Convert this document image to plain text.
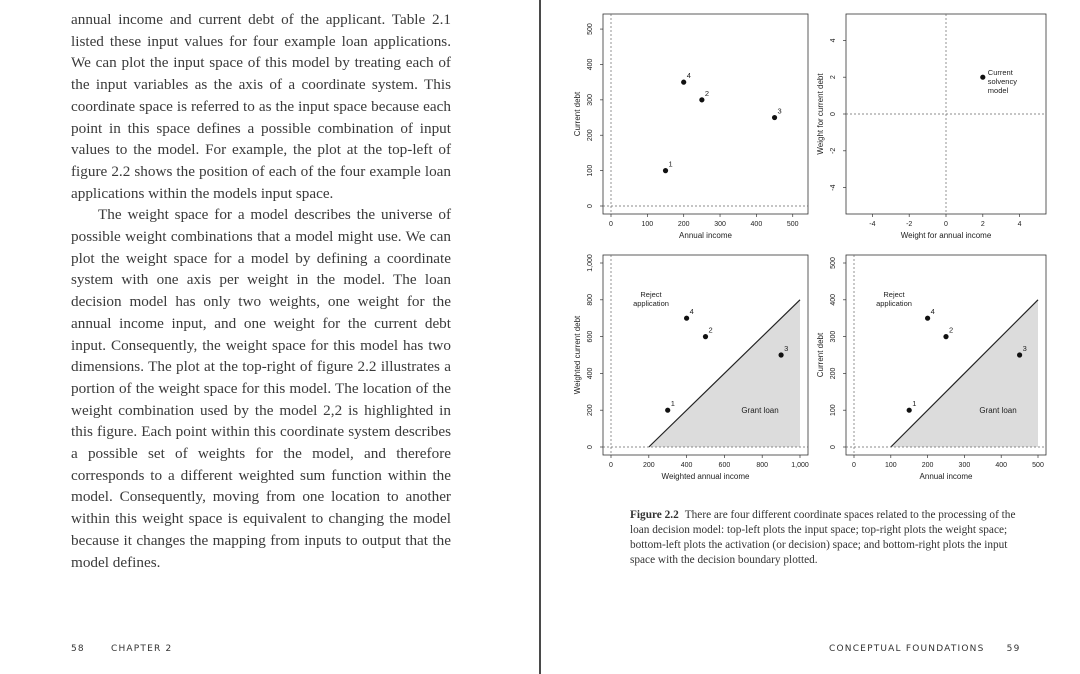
annual income and current debt of the applicant. Table 2.1 listed these input values for four example loan applications. We can plot the input space of this model by treating each of the input variables as the axis of a coordinate system. This coordinate space is referred to as the input space because each point in this space defines a possible combination of input values to the model. For example, the plot at the top-left of figure 2.2 shows the position of each of the four example loan applications within the models input space.

The weight space for a model describes the universe of possible weight combinations that a model might use. We can plot the weight space for a model by defining a coordinate system with one axis per weight in the model. The loan decision model has only two weights, one weight for the annual income input, and one weight for the current debt input. Consequently, the weight space for this model has two dimensions. The plot at the top-right of figure 2.2 illustrates a portion of the weight space for this model. The location of the weight combination used by the model 2,2 is highlighted in this figure. Each point within this coordinate system describes a possible set of weights for the model, and therefore corresponds to a different weighted sum function within the model. Consequently, moving from one location to another within this weight space is equivalent to changing the model because it changes the mapping from inputs to output that the model defines.

58	CHAPTER 2
0	100	200	300	400	500
0
100
200
300
400
500
Annual income
Current debt
1
2
3
4
-4	-2	0	2	4
-4
-2
0
2
4
Weight for annual income
Weight for current debt
Current
solvency
model
0	200	400	600	800	1,000
0
200
400
600
800
1,000
Weighted annual income
Weighted current debt
Reject
application
Grant loan
1
2
3
4
0	100	200	300	400	500
0
100
200
300
400
500
Annual income
Current debt
Reject
application
Grant loan
1
2
3
4
Figure 2.2 There are four different coordinate spaces related to the processing of the loan decision model: top-left plots the input space; top-right plots the weight space; bottom-left plots the activation (or decision) space; and bottom-right plots the input space with the decision boundary plotted.
CONCEPTUAL FOUNDATIONS 59
